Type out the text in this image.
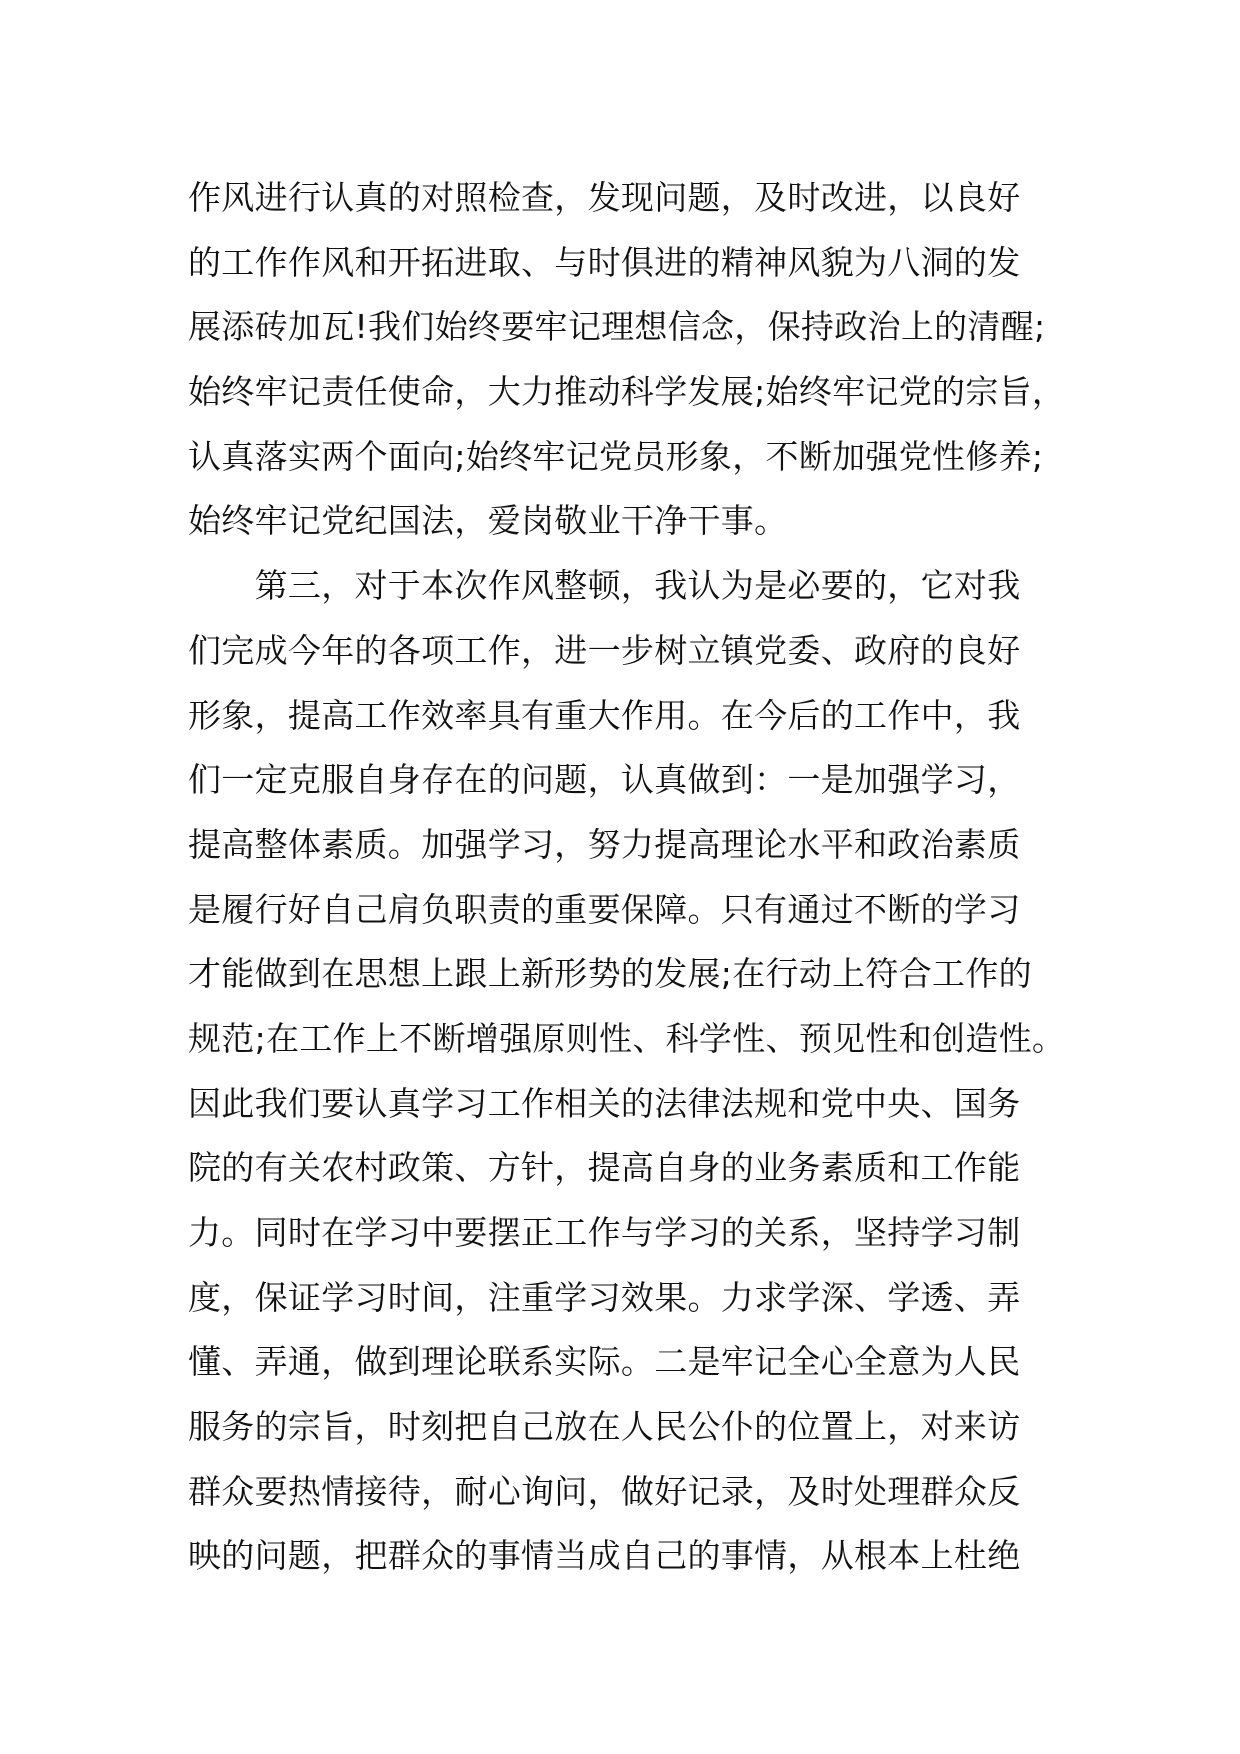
作风进行认真的对照检查，发现问题，及时改进，以良好
的工作作风和开拓进取、与时俱进的精神风貌为八洞的发
展添砖加瓦!我们始终要牢记理想信念，保持政治上的清醒;
始终牢记责任使命，大力推动科学发展;始终牢记党的宗旨，
认真落实两个面向;始终牢记党员形象，不断加强党性修养;
始终牢记党纪国法，爱岗敬业干净干事。
　　第三，对于本次作风整顿，我认为是必要的，它对我
们完成今年的各项工作，进一步树立镇党委、政府的良好
形象，提高工作效率具有重大作用。在今后的工作中，我
们一定克服自身存在的问题，认真做到：一是加强学习，
提高整体素质。加强学习，努力提高理论水平和政治素质
是履行好自己肩负职责的重要保障。只有通过不断的学习
才能做到在思想上跟上新形势的发展;在行动上符合工作的
规范;在工作上不断增强原则性、科学性、预见性和创造性。
因此我们要认真学习工作相关的法律法规和党中央、国务
院的有关农村政策、方针，提高自身的业务素质和工作能
力。同时在学习中要摆正工作与学习的关系，坚持学习制
度，保证学习时间，注重学习效果。力求学深、学透、弄
懂、弄通，做到理论联系实际。二是牢记全心全意为人民
服务的宗旨，时刻把自己放在人民公仆的位置上，对来访
群众要热情接待，耐心询问，做好记录，及时处理群众反
映的问题，把群众的事情当成自己的事情，从根本上杜绝
